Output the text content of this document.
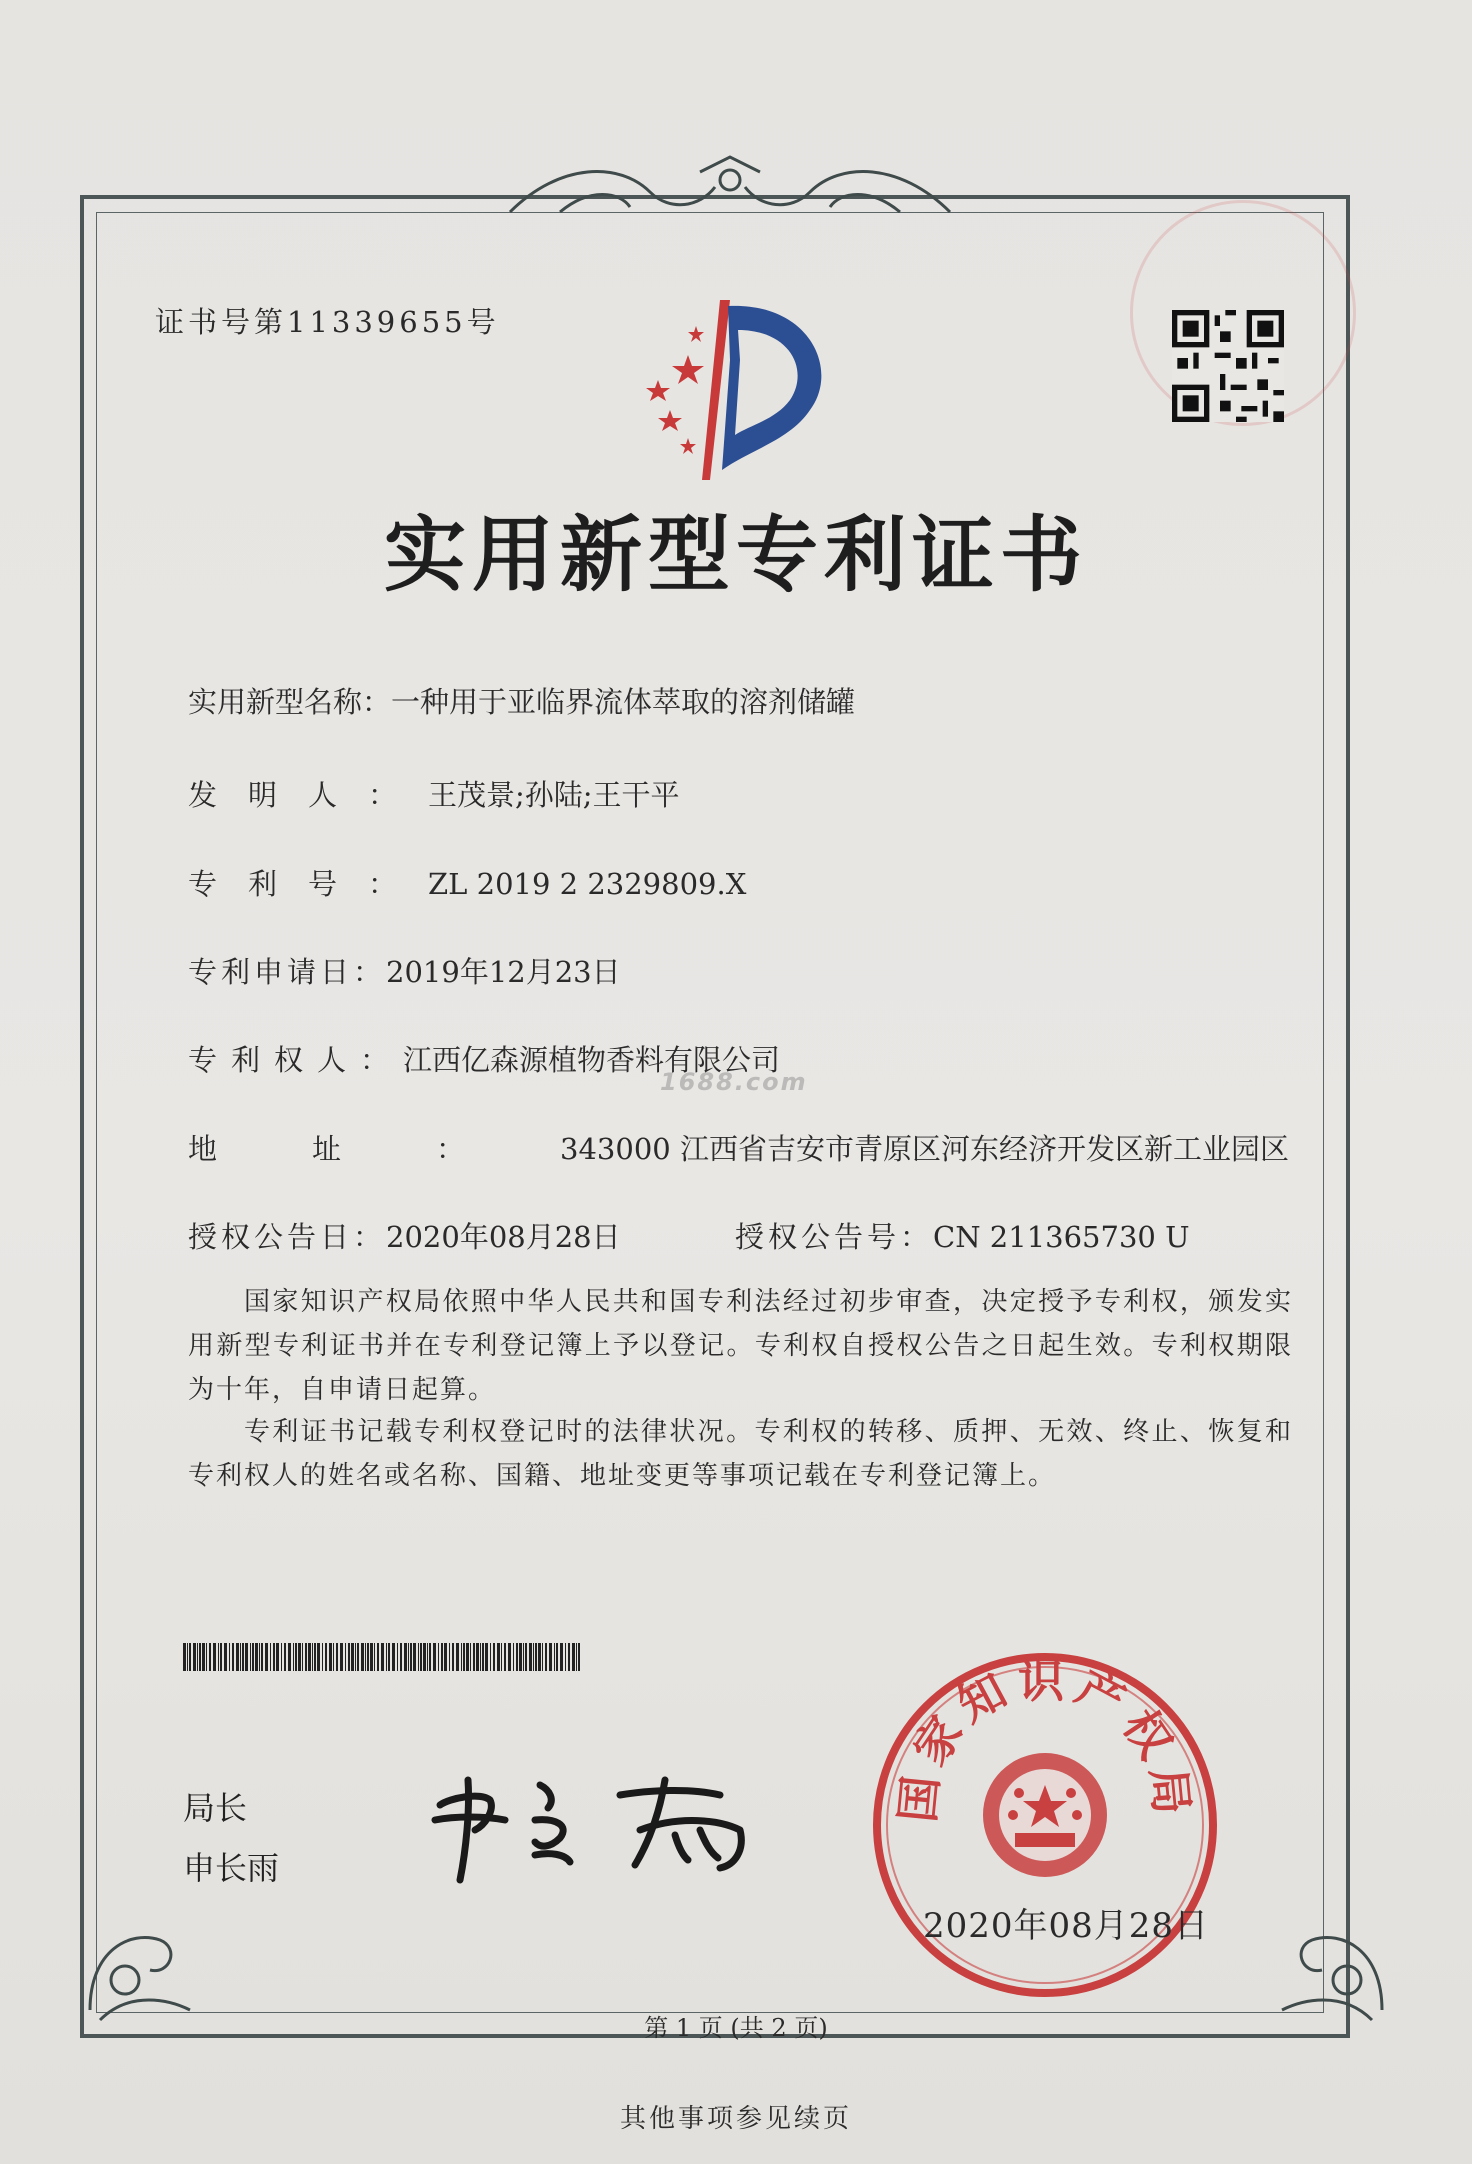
证书号第11339655号
实用新型专利证书
实用新型名称：一种用于亚临界流体萃取的溶剂储罐
发明人：王茂景;孙陆;王干平
专利号：ZL 2019 2 2329809.X
专利申请日：2019年12月23日
专利权人：江西亿森源植物香料有限公司
1688.com
地址：343000 江西省吉安市青原区河东经济开发区新工业园区
授权公告日：2020年08月28日	授权公告号：CN 211365730 U
国家知识产权局依照中华人民共和国专利法经过初步审查，决定授予专利权，颁发实用新型专利证书并在专利登记簿上予以登记。专利权自授权公告之日起生效。专利权期限为十年，自申请日起算。
专利证书记载专利权登记时的法律状况。专利权的转移、质押、无效、终止、恢复和专利权人的姓名或名称、国籍、地址变更等事项记载在专利登记簿上。
局长
申长雨
国家知识产权局
2020年08月28日
第 1 页 (共 2 页)
其他事项参见续页
